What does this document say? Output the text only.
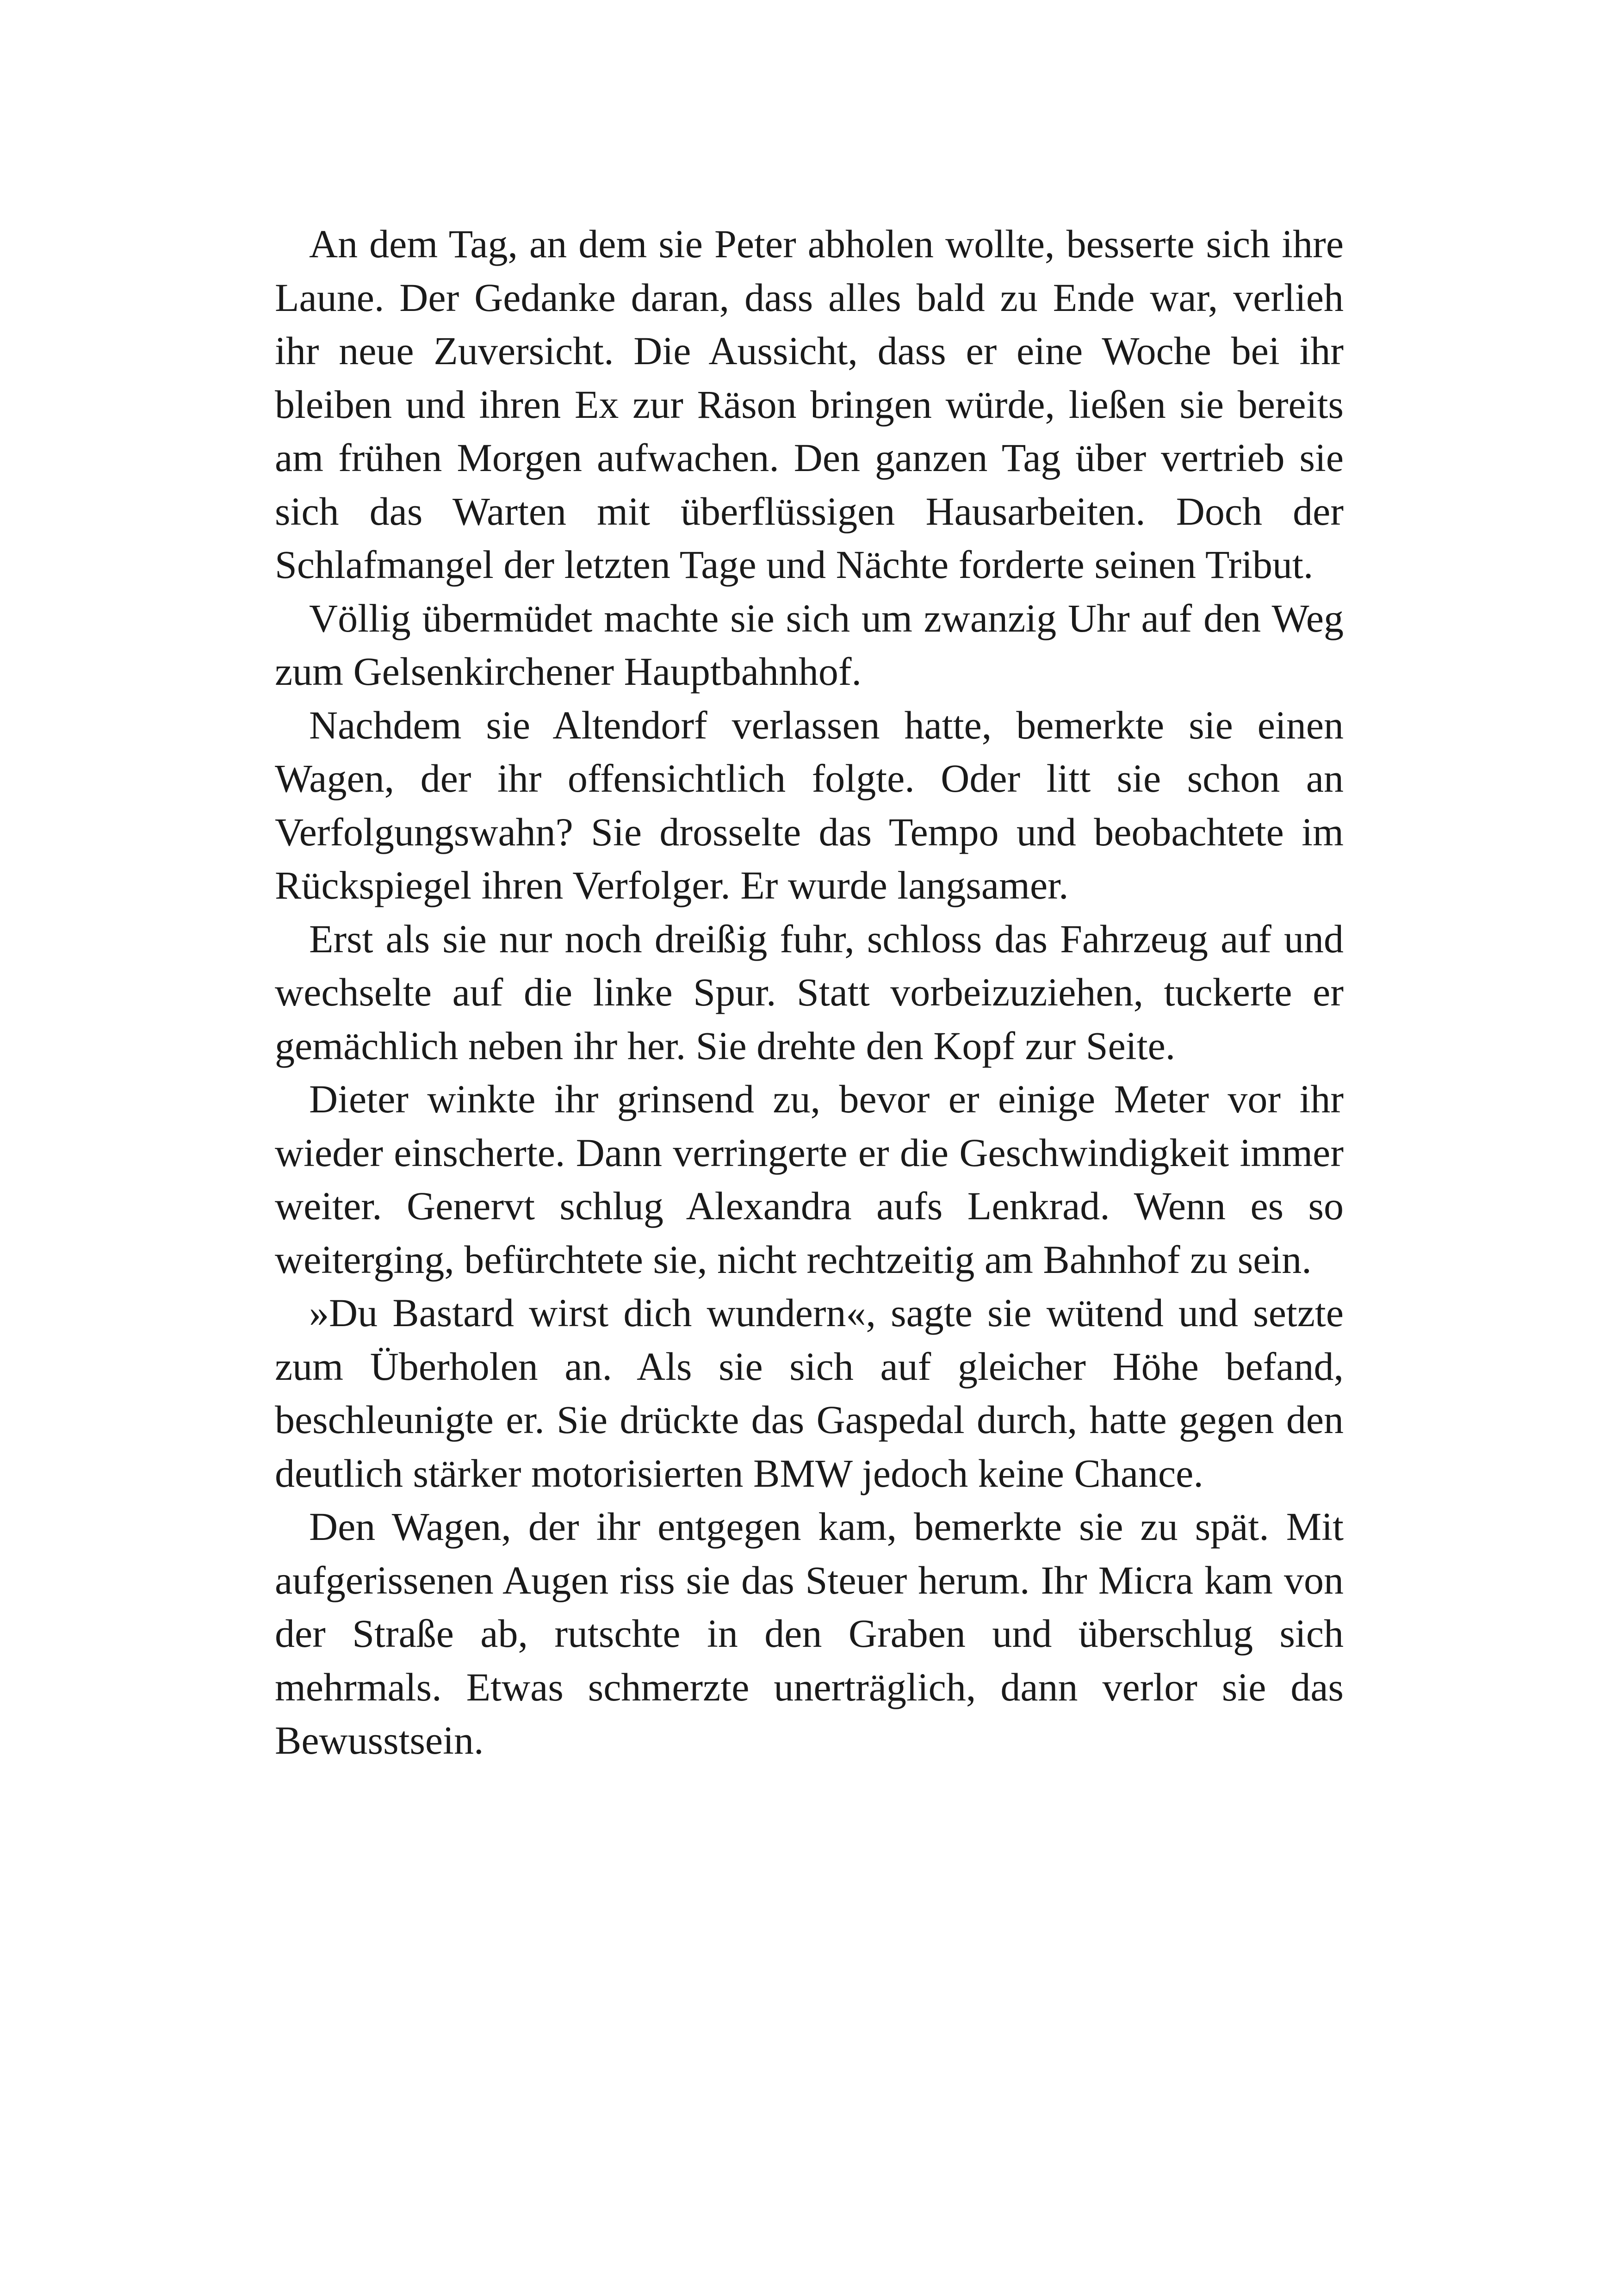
An dem Tag, an dem sie Peter abholen wollte, besserte sich ihre Laune. Der Gedanke daran, dass alles bald zu Ende war, verlieh ihr neue Zuversicht. Die Aussicht, dass er eine Woche bei ihr bleiben und ihren Ex zur Räson bringen würde, ließen sie bereits am frühen Morgen aufwachen. Den ganzen Tag über vertrieb sie sich das Warten mit überflüssigen Hausarbeiten. Doch der Schlafmangel der letzten Tage und Nächte forderte seinen Tribut.

Völlig übermüdet machte sie sich um zwanzig Uhr auf den Weg zum Gelsenkirchener Hauptbahnhof.

Nachdem sie Altendorf verlassen hatte, bemerkte sie einen Wagen, der ihr offensichtlich folgte. Oder litt sie schon an Verfolgungswahn? Sie drosselte das Tempo und beobachtete im Rückspiegel ihren Verfolger. Er wurde langsamer.

Erst als sie nur noch dreißig fuhr, schloss das Fahrzeug auf und wechselte auf die linke Spur. Statt vorbeizuziehen, tuckerte er gemächlich neben ihr her. Sie drehte den Kopf zur Seite.

Dieter winkte ihr grinsend zu, bevor er einige Meter vor ihr wieder einscherte. Dann verringerte er die Geschwindigkeit immer weiter. Genervt schlug Alexandra aufs Lenkrad. Wenn es so weiterging, befürchtete sie, nicht rechtzeitig am Bahnhof zu sein.

»Du Bastard wirst dich wundern«, sagte sie wütend und setzte zum Überholen an. Als sie sich auf gleicher Höhe befand, beschleunigte er. Sie drückte das Gaspedal durch, hatte gegen den deutlich stärker motorisierten BMW jedoch keine Chance.

Den Wagen, der ihr entgegen kam, bemerkte sie zu spät. Mit aufgerissenen Augen riss sie das Steuer herum. Ihr Micra kam von der Straße ab, rutschte in den Graben und überschlug sich mehrmals. Etwas schmerzte unerträglich, dann verlor sie das Bewusstsein.
